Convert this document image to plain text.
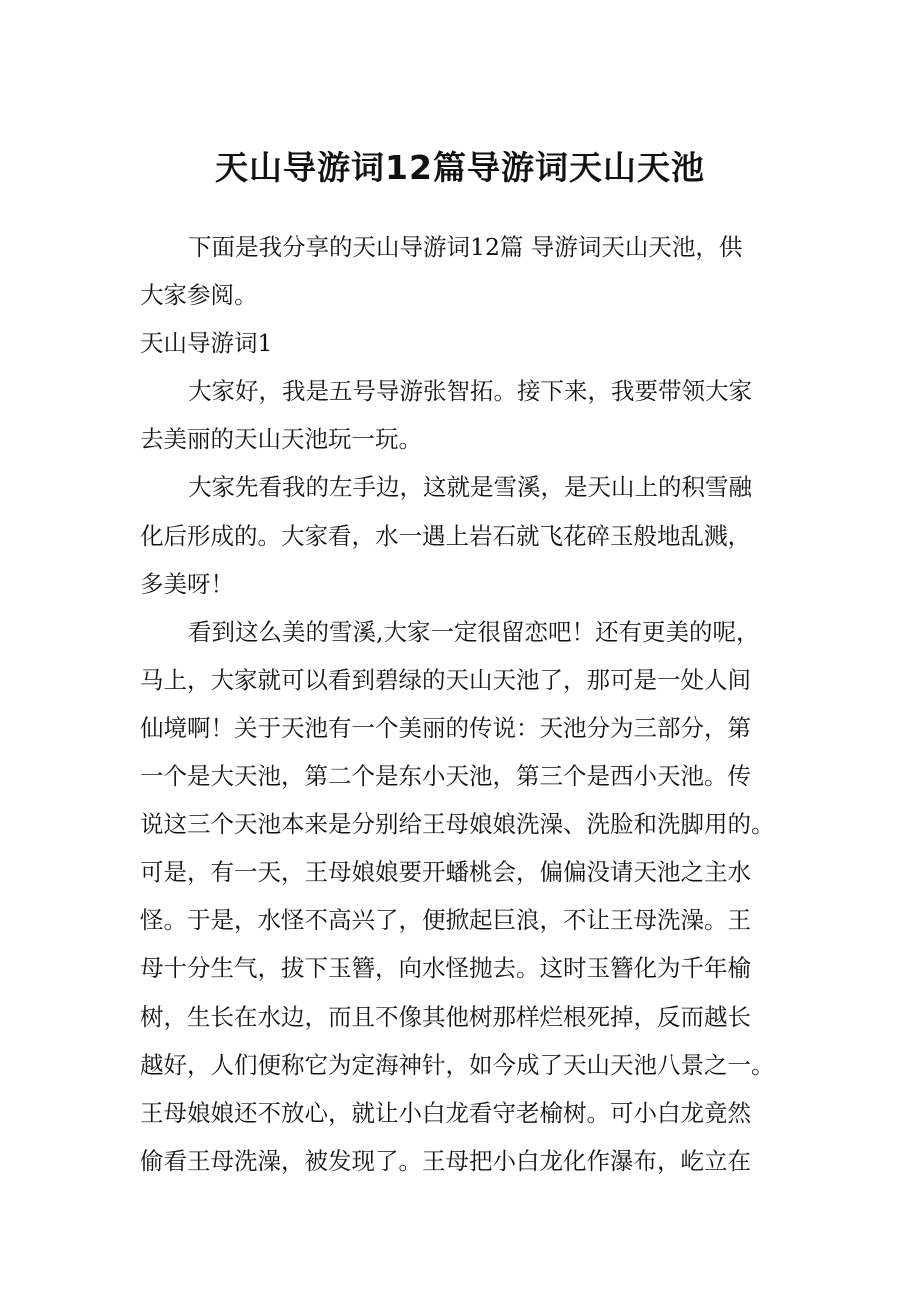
天山导游词12篇导游词天山天池
下面是我分享的天山导游词12篇 导游词天山天池，供
大家参阅。
天山导游词1
大家好，我是五号导游张智拓。接下来，我要带领大家
去美丽的天山天池玩一玩。
大家先看我的左手边，这就是雪溪，是天山上的积雪融
化后形成的。大家看，水一遇上岩石就飞花碎玉般地乱溅，
多美呀！
看到这么美的雪溪,大家一定很留恋吧！还有更美的呢，
马上，大家就可以看到碧绿的天山天池了，那可是一处人间
仙境啊！关于天池有一个美丽的传说：天池分为三部分，第
一个是大天池，第二个是东小天池，第三个是西小天池。传
说这三个天池本来是分别给王母娘娘洗澡、洗脸和洗脚用的。
可是，有一天，王母娘娘要开蟠桃会，偏偏没请天池之主水
怪。于是，水怪不高兴了，便掀起巨浪，不让王母洗澡。王
母十分生气，拔下玉簪，向水怪抛去。这时玉簪化为千年榆
树，生长在水边，而且不像其他树那样烂根死掉，反而越长
越好，人们便称它为定海神针，如今成了天山天池八景之一。
王母娘娘还不放心，就让小白龙看守老榆树。可小白龙竟然
偷看王母洗澡，被发现了。王母把小白龙化作瀑布，屹立在
